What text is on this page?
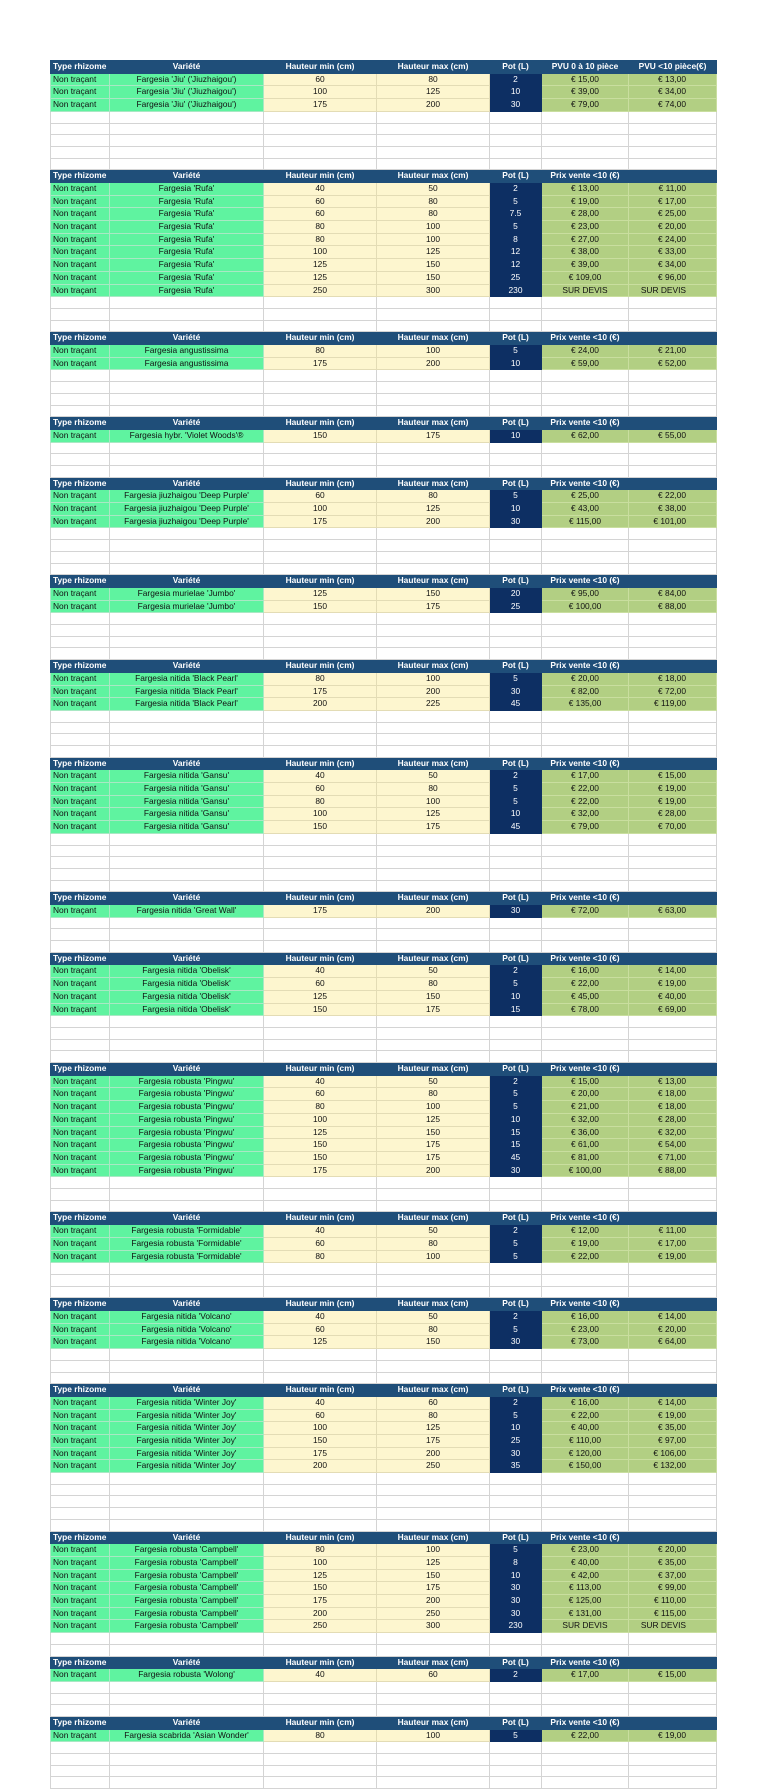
Type rhizome	Variété	Hauteur min (cm)	Hauteur max (cm)	Pot (L)	PVU 0 à 10 pièce	PVU <10 pièce(€)
Non traçant	Fargesia 'Jiu' ('Jiuzhaigou')	60	80	2	€ 15,00	€ 13,00
Non traçant	Fargesia 'Jiu' ('Jiuzhaigou')	100	125	10	€ 39,00	€ 34,00
Non traçant	Fargesia 'Jiu' ('Jiuzhaigou')	175	200	30	€ 79,00	€ 74,00

Type rhizome	Variété	Hauteur min (cm)	Hauteur max (cm)	Pot (L)	Prix vente <10 (€)	
Non traçant	Fargesia 'Rufa'	40	50	2	€ 13,00	€ 11,00
Non traçant	Fargesia 'Rufa'	60	80	5	€ 19,00	€ 17,00
Non traçant	Fargesia 'Rufa'	60	80	7.5	€ 28,00	€ 25,00
Non traçant	Fargesia 'Rufa'	80	100	5	€ 23,00	€ 20,00
Non traçant	Fargesia 'Rufa'	80	100	8	€ 27,00	€ 24,00
Non traçant	Fargesia 'Rufa'	100	125	12	€ 38,00	€ 33,00
Non traçant	Fargesia 'Rufa'	125	150	12	€ 39,00	€ 34,00
Non traçant	Fargesia 'Rufa'	125	150	25	€ 109,00	€ 96,00
Non traçant	Fargesia 'Rufa'	250	300	230	SUR DEVIS	SUR DEVIS

Type rhizome	Variété	Hauteur min (cm)	Hauteur max (cm)	Pot (L)	Prix vente <10 (€)	
Non traçant	Fargesia angustissima	80	100	5	€ 24,00	€ 21,00
Non traçant	Fargesia angustissima	175	200	10	€ 59,00	€ 52,00

Type rhizome	Variété	Hauteur min (cm)	Hauteur max (cm)	Pot (L)	Prix vente <10 (€)	
Non traçant	Fargesia hybr. 'Violet Woods'®	150	175	10	€ 62,00	€ 55,00

Type rhizome	Variété	Hauteur min (cm)	Hauteur max (cm)	Pot (L)	Prix vente <10 (€)	
Non traçant	Fargesia jiuzhaigou 'Deep Purple'	60	80	5	€ 25,00	€ 22,00
Non traçant	Fargesia jiuzhaigou 'Deep Purple'	100	125	10	€ 43,00	€ 38,00
Non traçant	Fargesia jiuzhaigou 'Deep Purple'	175	200	30	€ 115,00	€ 101,00

Type rhizome	Variété	Hauteur min (cm)	Hauteur max (cm)	Pot (L)	Prix vente <10 (€)	
Non traçant	Fargesia murielae 'Jumbo'	125	150	20	€ 95,00	€ 84,00
Non traçant	Fargesia murielae 'Jumbo'	150	175	25	€ 100,00	€ 88,00

Type rhizome	Variété	Hauteur min (cm)	Hauteur max (cm)	Pot (L)	Prix vente <10 (€)	
Non traçant	Fargesia nitida 'Black Pearl'	80	100	5	€ 20,00	€ 18,00
Non traçant	Fargesia nitida 'Black Pearl'	175	200	30	€ 82,00	€ 72,00
Non traçant	Fargesia nitida 'Black Pearl'	200	225	45	€ 135,00	€ 119,00

Type rhizome	Variété	Hauteur min (cm)	Hauteur max (cm)	Pot (L)	Prix vente <10 (€)	
Non traçant	Fargesia nitida 'Gansu'	40	50	2	€ 17,00	€ 15,00
Non traçant	Fargesia nitida 'Gansu'	60	80	5	€ 22,00	€ 19,00
Non traçant	Fargesia nitida 'Gansu'	80	100	5	€ 22,00	€ 19,00
Non traçant	Fargesia nitida 'Gansu'	100	125	10	€ 32,00	€ 28,00
Non traçant	Fargesia nitida 'Gansu'	150	175	45	€ 79,00	€ 70,00

Type rhizome	Variété	Hauteur min (cm)	Hauteur max (cm)	Pot (L)	Prix vente <10 (€)	
Non traçant	Fargesia nitida 'Great Wall'	175	200	30	€ 72,00	€ 63,00

Type rhizome	Variété	Hauteur min (cm)	Hauteur max (cm)	Pot (L)	Prix vente <10 (€)	
Non traçant	Fargesia nitida 'Obelisk'	40	50	2	€ 16,00	€ 14,00
Non traçant	Fargesia nitida 'Obelisk'	60	80	5	€ 22,00	€ 19,00
Non traçant	Fargesia nitida 'Obelisk'	125	150	10	€ 45,00	€ 40,00
Non traçant	Fargesia nitida 'Obelisk'	150	175	15	€ 78,00	€ 69,00

Type rhizome	Variété	Hauteur min (cm)	Hauteur max (cm)	Pot (L)	Prix vente <10 (€)	
Non traçant	Fargesia robusta 'Pingwu'	40	50	2	€ 15,00	€ 13,00
Non traçant	Fargesia robusta 'Pingwu'	60	80	5	€ 20,00	€ 18,00
Non traçant	Fargesia robusta 'Pingwu'	80	100	5	€ 21,00	€ 18,00
Non traçant	Fargesia robusta 'Pingwu'	100	125	10	€ 32,00	€ 28,00
Non traçant	Fargesia robusta 'Pingwu'	125	150	15	€ 36,00	€ 32,00
Non traçant	Fargesia robusta 'Pingwu'	150	175	15	€ 61,00	€ 54,00
Non traçant	Fargesia robusta 'Pingwu'	150	175	45	€ 81,00	€ 71,00
Non traçant	Fargesia robusta 'Pingwu'	175	200	30	€ 100,00	€ 88,00

Type rhizome	Variété	Hauteur min (cm)	Hauteur max (cm)	Pot (L)	Prix vente <10 (€)	
Non traçant	Fargesia robusta 'Formidable'	40	50	2	€ 12,00	€ 11,00
Non traçant	Fargesia robusta 'Formidable'	60	80	5	€ 19,00	€ 17,00
Non traçant	Fargesia robusta 'Formidable'	80	100	5	€ 22,00	€ 19,00

Type rhizome	Variété	Hauteur min (cm)	Hauteur max (cm)	Pot (L)	Prix vente <10 (€)	
Non traçant	Fargesia nitida 'Volcano'	40	50	2	€ 16,00	€ 14,00
Non traçant	Fargesia nitida 'Volcano'	60	80	5	€ 23,00	€ 20,00
Non traçant	Fargesia nitida 'Volcano'	125	150	30	€ 73,00	€ 64,00

Type rhizome	Variété	Hauteur min (cm)	Hauteur max (cm)	Pot (L)	Prix vente <10 (€)	
Non traçant	Fargesia nitida 'Winter Joy'	40	60	2	€ 16,00	€ 14,00
Non traçant	Fargesia nitida 'Winter Joy'	60	80	5	€ 22,00	€ 19,00
Non traçant	Fargesia nitida 'Winter Joy'	100	125	10	€ 40,00	€ 35,00
Non traçant	Fargesia nitida 'Winter Joy'	150	175	25	€ 110,00	€ 97,00
Non traçant	Fargesia nitida 'Winter Joy'	175	200	30	€ 120,00	€ 106,00
Non traçant	Fargesia nitida 'Winter Joy'	200	250	35	€ 150,00	€ 132,00

Type rhizome	Variété	Hauteur min (cm)	Hauteur max (cm)	Pot (L)	Prix vente <10 (€)	
Non traçant	Fargesia robusta 'Campbell'	80	100	5	€ 23,00	€ 20,00
Non traçant	Fargesia robusta 'Campbell'	100	125	8	€ 40,00	€ 35,00
Non traçant	Fargesia robusta 'Campbell'	125	150	10	€ 42,00	€ 37,00
Non traçant	Fargesia robusta 'Campbell'	150	175	30	€ 113,00	€ 99,00
Non traçant	Fargesia robusta 'Campbell'	175	200	30	€ 125,00	€ 110,00
Non traçant	Fargesia robusta 'Campbell'	200	250	30	€ 131,00	€ 115,00
Non traçant	Fargesia robusta 'Campbell'	250	300	230	SUR DEVIS	SUR DEVIS

Type rhizome	Variété	Hauteur min (cm)	Hauteur max (cm)	Pot (L)	Prix vente <10 (€)	
Non traçant	Fargesia robusta 'Wolong'	40	60	2	€ 17,00	€ 15,00

Type rhizome	Variété	Hauteur min (cm)	Hauteur max (cm)	Pot (L)	Prix vente <10 (€)	
Non traçant	Fargesia scabrida 'Asian Wonder'	80	100	5	€ 22,00	€ 19,00
